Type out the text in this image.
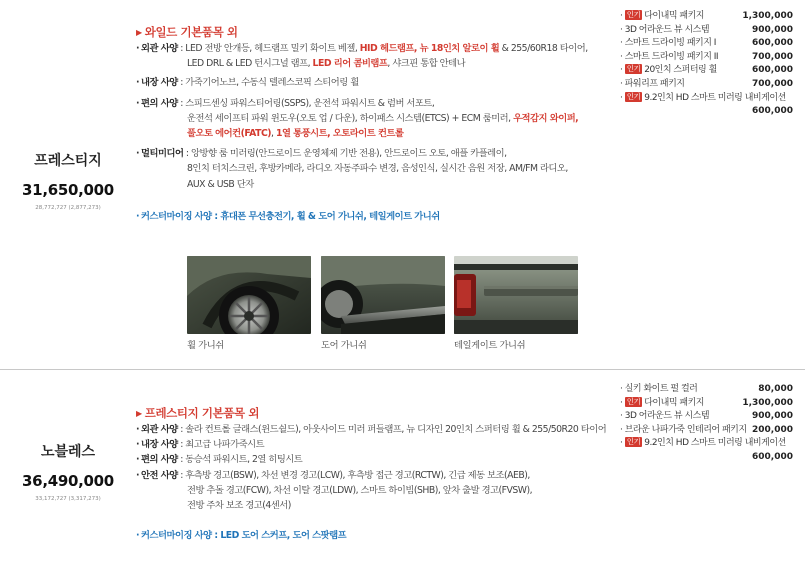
프레스티지
31,650,000
28,772,727 (2,877,273)
▶ 와일드 기본품목 외
· 외관 사양 : LED 전방 안개등, 헤드램프 밀키 화이트 베젤, HID 헤드램프, 뉴 18인치 알로이 휠 & 255/60R18 타이어,
LED DRL & LED 턴시그널 램프, LED 리어 콤비램프, 샤크핀 통합 안테나
· 내장 사양 : 가죽기어노브, 수동식 텔레스코픽 스티어링 휠
· 편의 사양 : 스피드센싱 파워스티어링(SSPS), 운전석 파워시트 & 럼버 서포트,
운전석 세이프티 파워 윈도우(오토 업 / 다운), 하이패스 시스템(ETCS) + ECM 룸미러, 우적감지 와이퍼,
풀오토 에어컨(FATC), 1열 통풍시트, 오토라이트 컨트롤
· 멀티미디어 : 앙방향 룸 미러링(안드로이드 운영체제 기반 전용), 안드로이드 오토, 애플 카플레이,
8인치 터치스크린, 후방카메라, 라디오 자동주파수 변경, 음성인식, 실시간 음원 저장, AM/FM 라디오,
AUX & USB 단자
· 커스터마이징 사양 : 휴대폰 무선충전기, 휠 & 도어 가니쉬, 테일게이트 가니쉬
· 인기 다이내믹 패키지	1,300,000
· 3D 어라운드 뷰 시스템	900,000
· 스마트 드라이빙 패키지 I	600,000
· 스마트 드라이빙 패키지 II	700,000
· 인기 20인치 스퍼터링 휠	600,000
· 파워리프 패키지	700,000
· 인기 9.2인치 HD 스마트 미러링 내비게이션
600,000
휠 가니쉬	도어 가니쉬	테일게이트 가니쉬
노블레스
36,490,000
33,172,727 (3,317,273)
▶ 프레스티지 기본품목 외
· 외관 사양 : 솔라 컨트롤 글래스(윈드쉴드), 아웃사이드 미러 퍼들램프, 뉴 디자인 20인치 스퍼터링 휠 & 255/50R20 타이어
· 내장 사양 : 최고급 나파가죽시트
· 편의 사양 : 동승석 파워시트, 2열 히팅시트
· 안전 사양 : 후측방 경고(BSW), 차선 변경 경고(LCW), 후측방 접근 경고(RCTW), 긴급 제동 보조(AEB),
전방 추돌 경고(FCW), 차선 이탈 경고(LDW), 스마트 하이빔(SHB), 앞차 출발 경고(FVSW),
전방 주차 보조 경고(4센서)
· 커스터마이징 사양 : LED 도어 스커프, 도어 스팟램프
· 실키 화이트 펄 컬러	80,000
· 인기 다이내믹 패키지	1,300,000
· 3D 어라운드 뷰 시스템	900,000
· 브라운 나파가죽 인테리어 패키지 200,000
· 인기 9.2인치 HD 스마트 미러링 내비게이션
600,000
